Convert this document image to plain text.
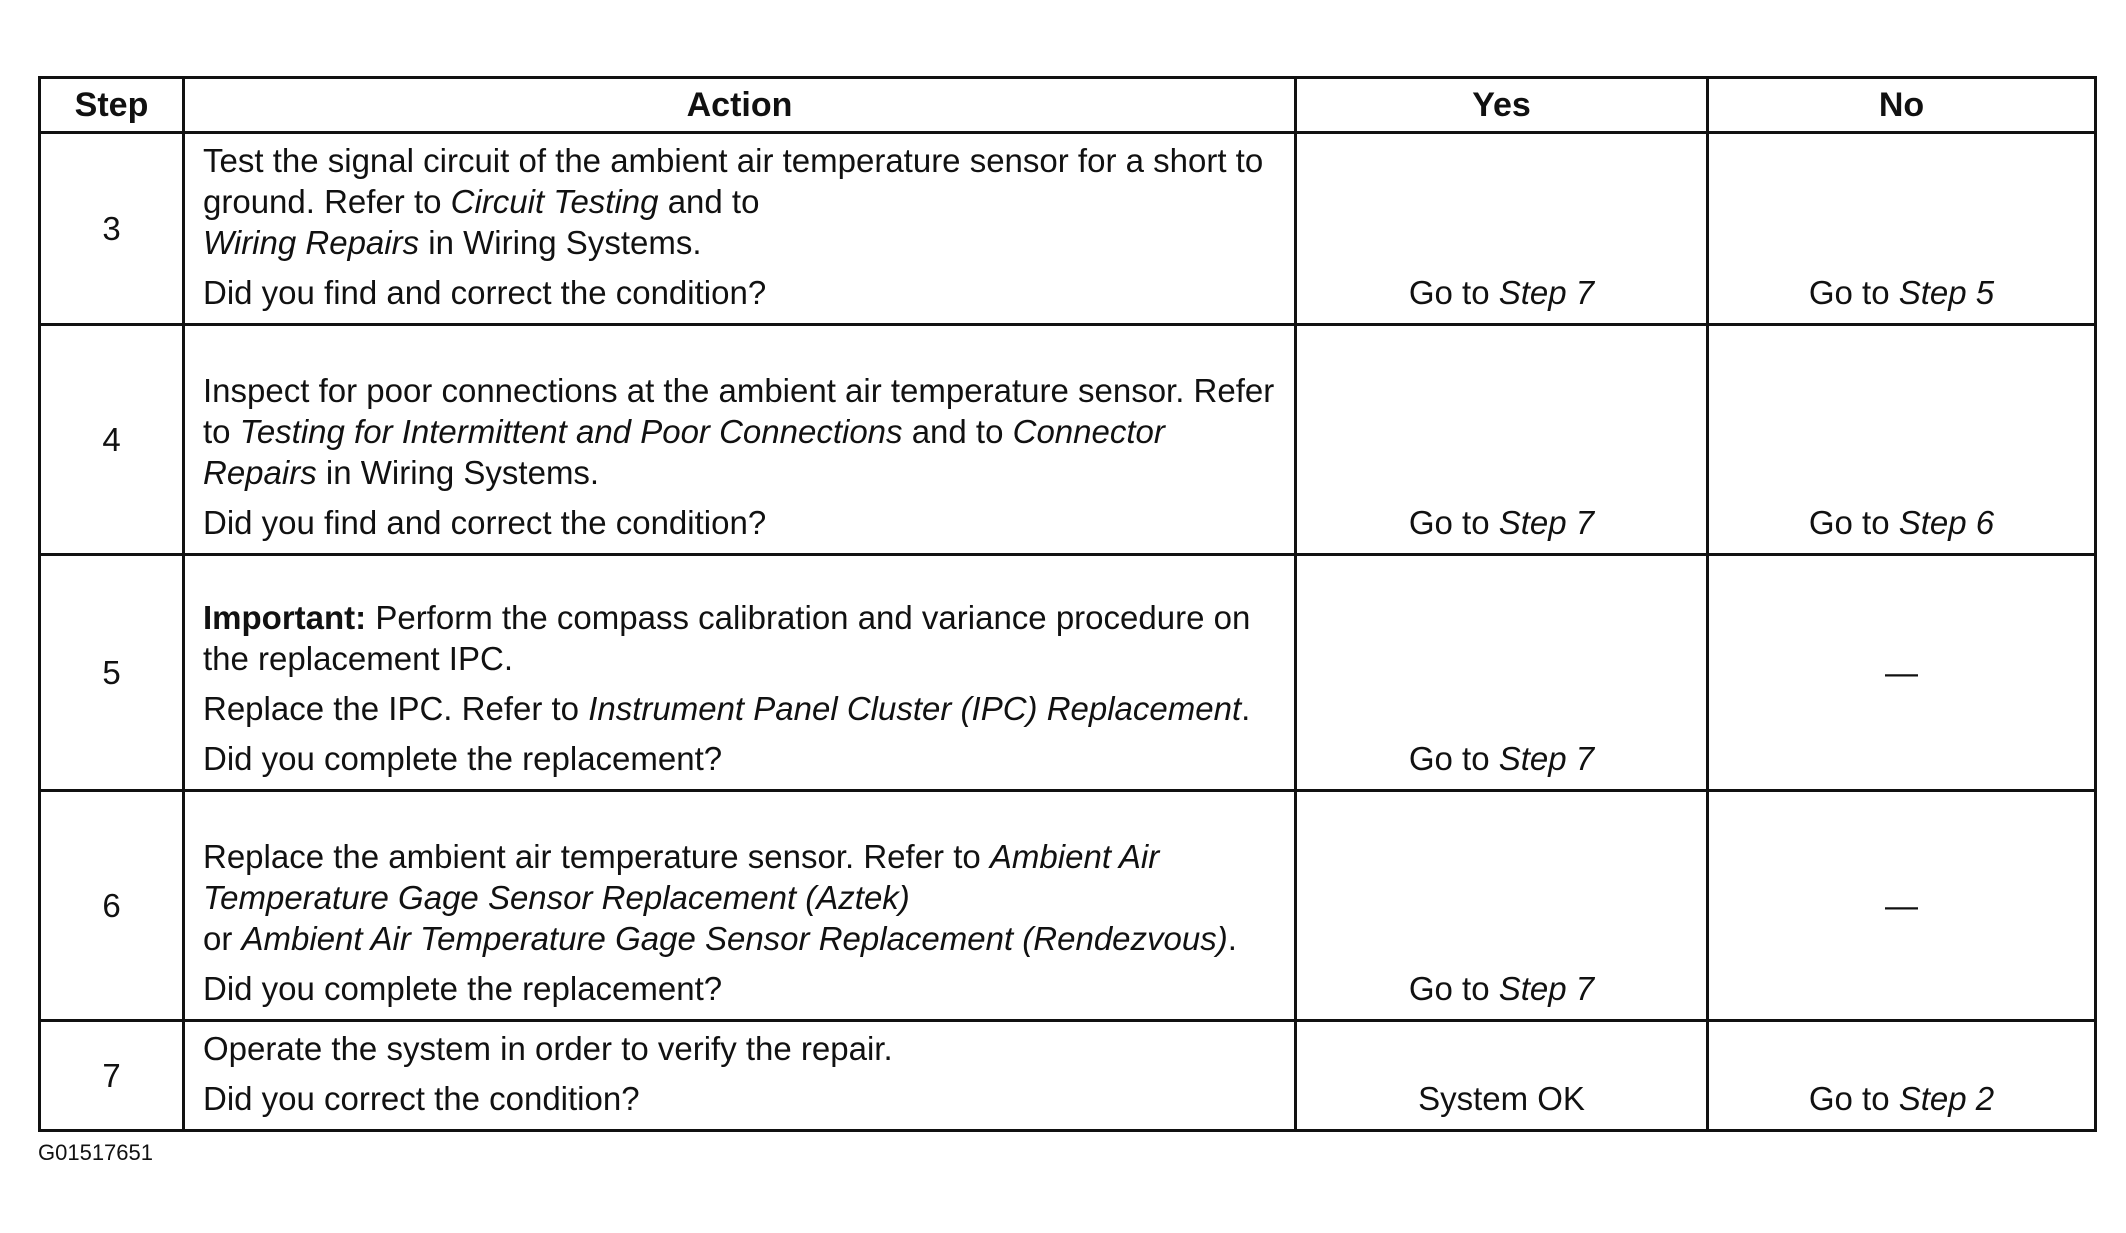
Step	Action	Yes	No
3	Test the signal circuit of the ambient air temperature sensor for a short to ground. Refer to Circuit Testing and to
Wiring Repairs in Wiring Systems.

Did you find and correct the condition?	Go to Step 7	Go to Step 5
4	Inspect for poor connections at the ambient air temperature sensor. Refer to Testing for Intermittent and Poor Connections and to Connector Repairs in Wiring Systems.

Did you find and correct the condition?	Go to Step 7	Go to Step 6
5	Important: Perform the compass calibration and variance procedure on the replacement IPC.

Replace the IPC. Refer to Instrument Panel Cluster (IPC) Replacement.

Did you complete the replacement?	Go to Step 7	—
6	Replace the ambient air temperature sensor. Refer to Ambient Air Temperature Gage Sensor Replacement (Aztek)
or Ambient Air Temperature Gage Sensor Replacement (Rendezvous).

Did you complete the replacement?	Go to Step 7	—
7	Operate the system in order to verify the repair.

Did you correct the condition?	System OK	Go to Step 2
G01517651
